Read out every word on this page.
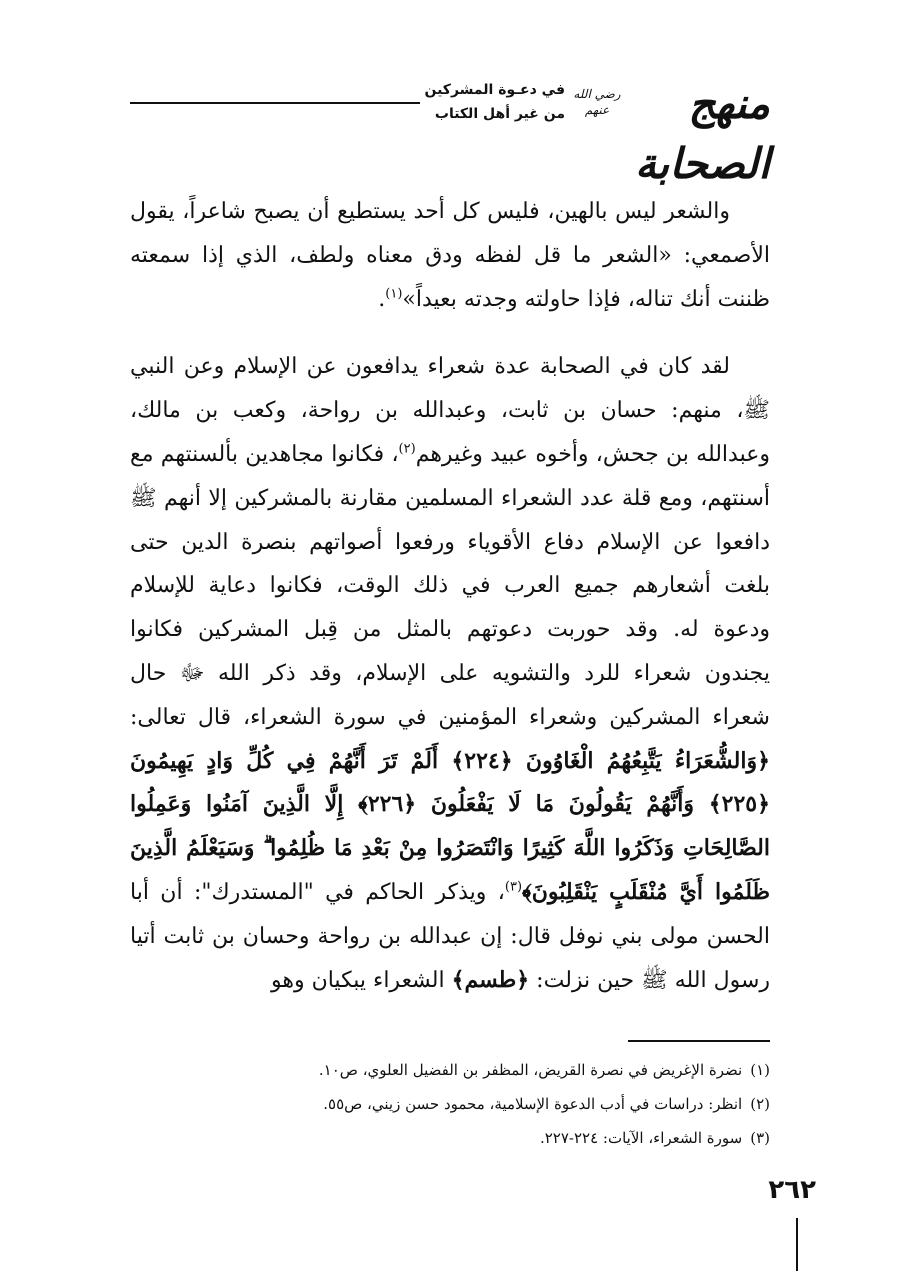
في دعـوة المشركين
من غير أهل الكتاب
رضي الله عنهم	منهج الصحابة

والشعر ليس بالهين، فليس كل أحد يستطيع أن يصبح شاعراً، يقول الأصمعي: «الشعر ما قل لفظه ودق معناه ولطف، الذي إذا سمعته ظننت أنك تناله، فإذا حاولته وجدته بعيداً»$^{(١)}$.

لقد كان في الصحابة عدة شعراء يدافعون عن الإسلام وعن النبي ﷺ، منهم: حسان بن ثابت، وعبدالله بن رواحة، وكعب بن مالك، وعبدالله بن جحش، وأخوه عبيد وغيرهم$^{(٢)}$، فكانوا مجاهدين بألسنتهم مع أسنتهم، ومع قلة عدد الشعراء المسلمين مقارنة بالمشركين إلا أنهم ﷺ دافعوا عن الإسلام دفاع الأقوياء ورفعوا أصواتهم بنصرة الدين حتى بلغت أشعارهم جميع العرب في ذلك الوقت، فكانوا دعاية للإسلام ودعوة له. وقد حوربت دعوتهم بالمثل من قِبل المشركين فكانوا يجندون شعراء للرد والتشويه على الإسلام، وقد ذكر الله ﷻ حال شعراء المشركين وشعراء المؤمنين في سورة الشعراء، قال تعالى: ﴿وَالشُّعَرَاءُ يَتَّبِعُهُمُ الْغَاوُونَ ﴿٢٢٤﴾ أَلَمْ تَرَ أَنَّهُمْ فِي كُلِّ وَادٍ يَهِيمُونَ ﴿٢٢٥﴾ وَأَنَّهُمْ يَقُولُونَ مَا لَا يَفْعَلُونَ ﴿٢٢٦﴾ إِلَّا الَّذِينَ آمَنُوا وَعَمِلُوا الصَّالِحَاتِ وَذَكَرُوا اللَّهَ كَثِيرًا وَانْتَصَرُوا مِنْ بَعْدِ مَا ظُلِمُوا ۗ وَسَيَعْلَمُ الَّذِينَ ظَلَمُوا أَيَّ مُنْقَلَبٍ يَنْقَلِبُونَ﴾$^{(٣)}$، ويذكر الحاكم في "المستدرك": أن أبا الحسن مولى بني نوفل قال: إن عبدالله بن رواحة وحسان بن ثابت أتيا رسول الله ﷺ حين نزلت: ﴿طسم﴾ الشعراء يبكيان وهو

(١)نضرة الإغريض في نصرة القريض، المظفر بن الفضيل العلوي، ص١٠.
(٢)انظر: دراسات في أدب الدعوة الإسلامية، محمود حسن زيني، ص٥٥.
(٣)سورة الشعراء، الآيات: ٢٢٤-٢٢٧.
٢٦٢
